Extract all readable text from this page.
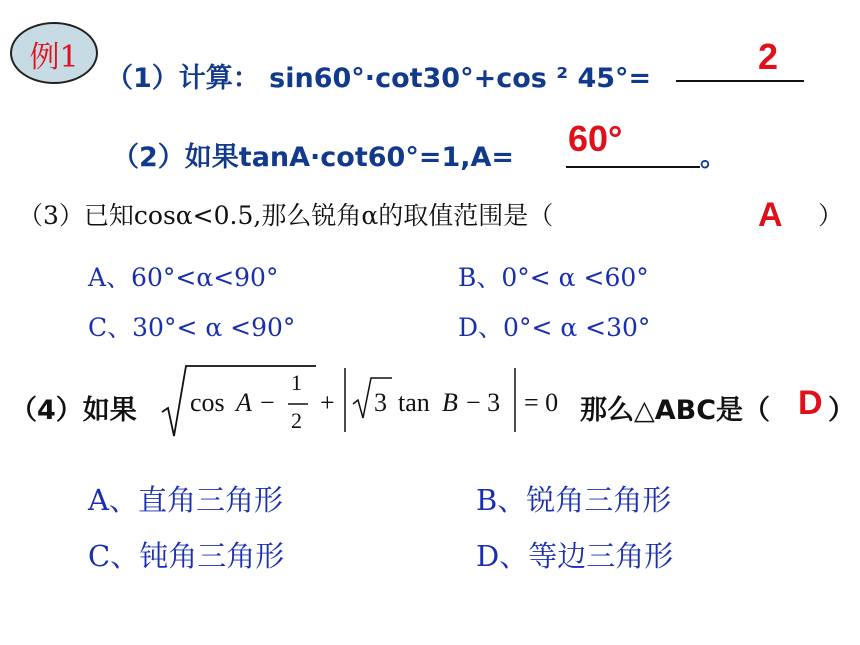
例1
（1）计算： sin60°·cot30°+cos ² 45°=
2
（2）如果tanA·cot60°=1,A=	。
60°
（3）已知cosα<0.5,那么锐角α的取值范围是（	A ）
A、60°<α<90°	B、0°< α <60°
C、30°< α <90°	D、0°< α <30°
（4）如果 cos A −
1
2
+ 3 tan B − 3 = 0 那么△ABC是（ D ）
A、直角三角形	B、锐角三角形
C、钝角三角形	D、等边三角形
